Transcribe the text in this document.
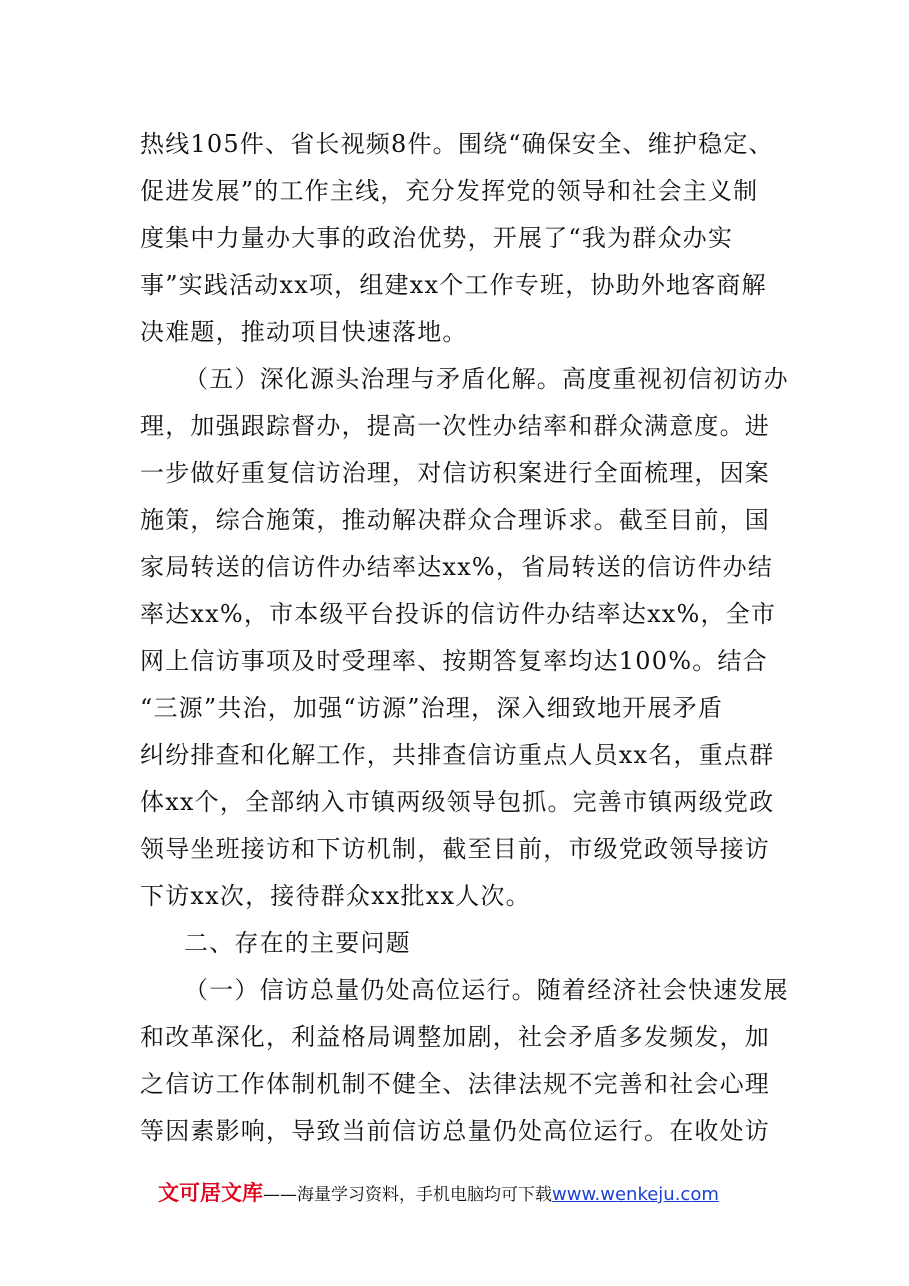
热线105件、省长视频8件。围绕“确保安全、维护稳定、
促进发展”的工作主线，充分发挥党的领导和社会主义制
度集中力量办大事的政治优势，开展了“我为群众办实
事”实践活动xx项，组建xx个工作专班，协助外地客商解
决难题，推动项目快速落地。
（五）深化源头治理与矛盾化解。高度重视初信初访办
理，加强跟踪督办，提高一次性办结率和群众满意度。进
一步做好重复信访治理，对信访积案进行全面梳理，因案
施策，综合施策，推动解决群众合理诉求。截至目前，国
家局转送的信访件办结率达xx%，省局转送的信访件办结
率达xx%，市本级平台投诉的信访件办结率达xx%，全市
网上信访事项及时受理率、按期答复率均达100%。结合
“三源”共治，加强“访源”治理，深入细致地开展矛盾
纠纷排查和化解工作，共排查信访重点人员xx名，重点群
体xx个，全部纳入市镇两级领导包抓。完善市镇两级党政
领导坐班接访和下访机制，截至目前，市级党政领导接访
下访xx次，接待群众xx批xx人次。
二、存在的主要问题
（一）信访总量仍处高位运行。随着经济社会快速发展
和改革深化，利益格局调整加剧，社会矛盾多发频发，加
之信访工作体制机制不健全、法律法规不完善和社会心理
等因素影响，导致当前信访总量仍处高位运行。在收处访
文可居文库——海量学习资料，手机电脑均可下载www.wenkeju.com
